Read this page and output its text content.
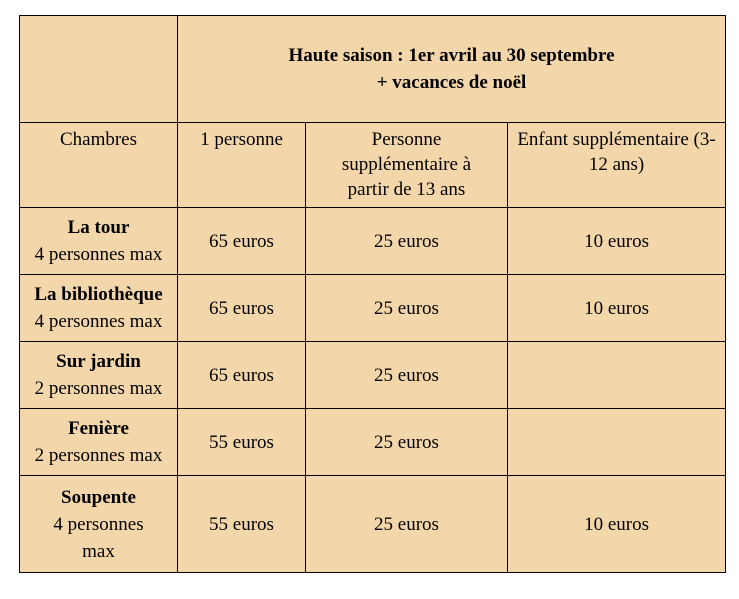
	Haute saison : 1er avril au 30 septembre
+ vacances de noël		

Chambres	1 personne	Personne supplémentaire à partir de 13 ans	Enfant supplémentaire (3-12 ans)

La tour
4 personnes max	65 euros	25 euros	10 euros

La bibliothèque
4 personnes max	65 euros	25 euros	10 euros

Sur jardin
2 personnes max	65 euros	25 euros	

Fenière
2 personnes max	55 euros	25 euros	

Soupente
4 personnes max	55 euros	25 euros	10 euros
